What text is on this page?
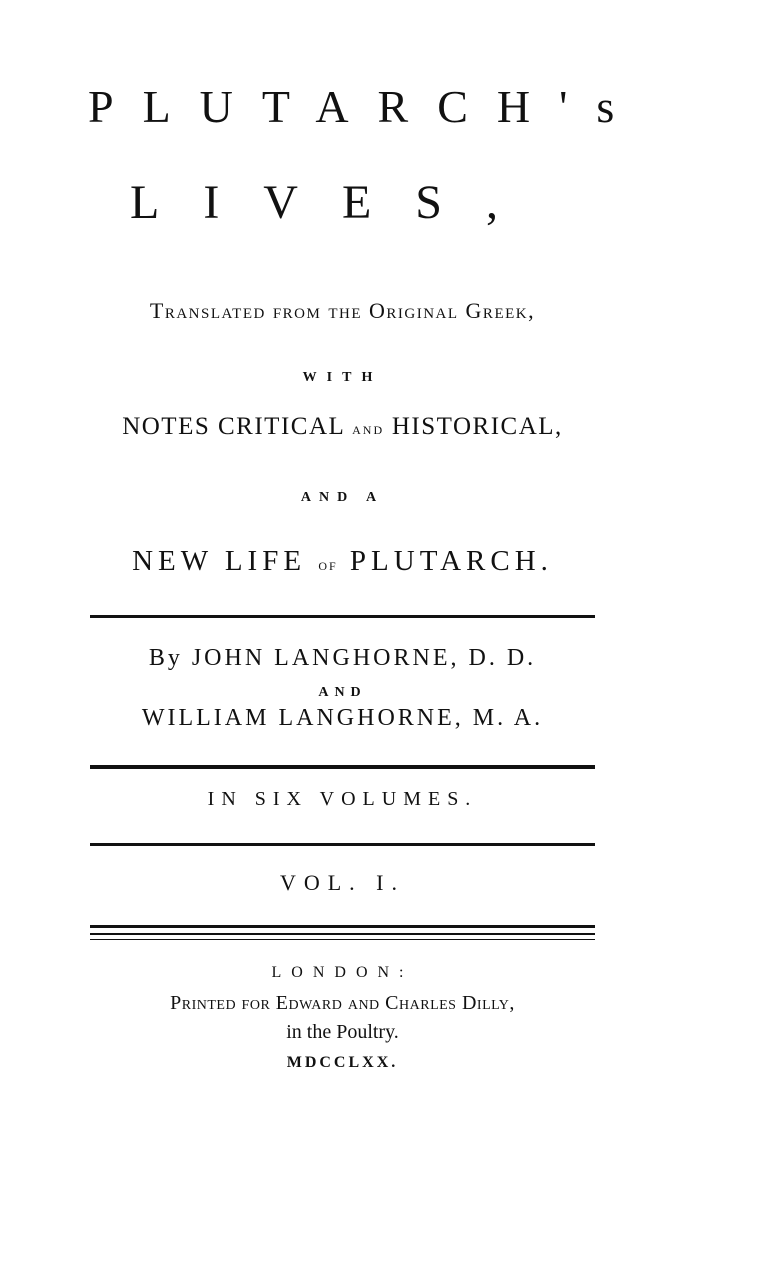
PLUTARCH's
LIVES,
Translated from the Original Greek,
WITH
NOTES CRITICAL AND HISTORICAL,
AND A
NEW LIFE OF PLUTARCH.
By JOHN LANGHORNE, D. D.
AND
WILLIAM LANGHORNE, M. A.
IN SIX VOLUMES.
VOL. I.
LONDON:
Printed for Edward and Charles Dilly,
in the Poultry.
MDCCLXX.
